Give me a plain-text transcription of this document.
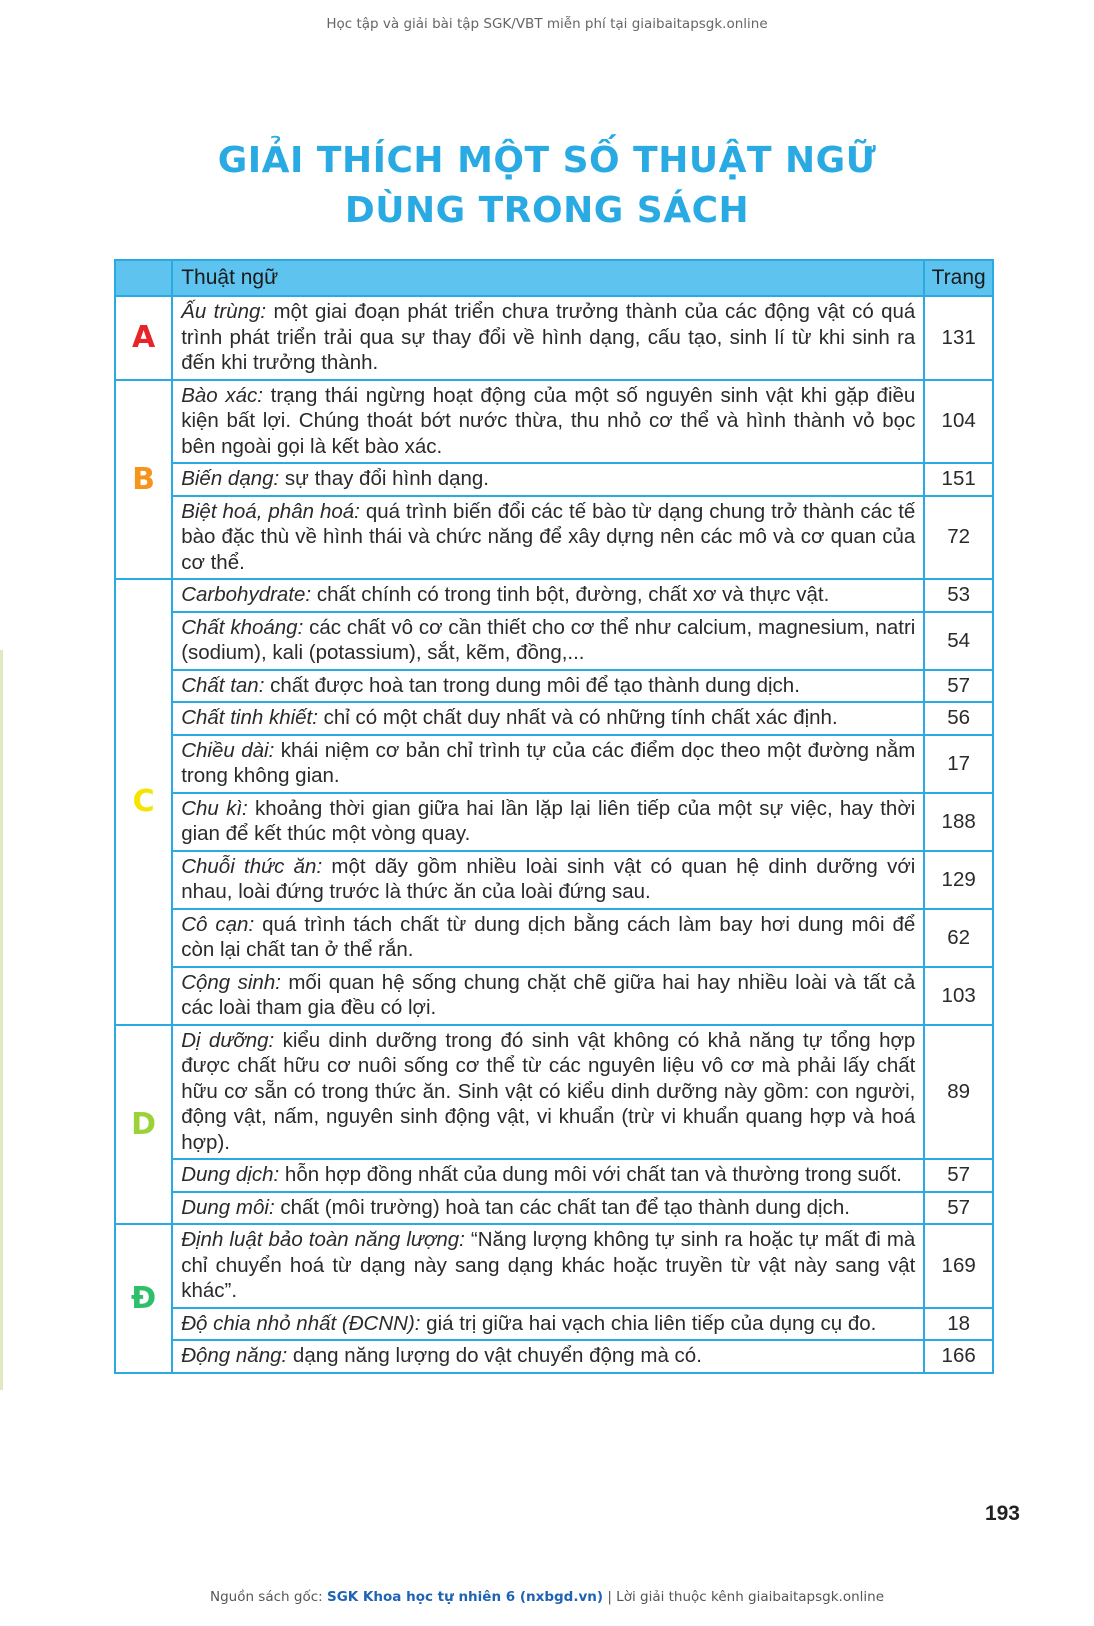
Học tập và giải bài tập SGK/VBT miễn phí tại giaibaitapsgk.online
GIẢI THÍCH MỘT SỐ THUẬT NGỮ
DÙNG TRONG SÁCH
	Thuật ngữ	Trang
A	Ấu trùng: một giai đoạn phát triển chưa trưởng thành của các động vật có quá trình phát triển trải qua sự thay đổi về hình dạng, cấu tạo, sinh lí từ khi sinh ra đến khi trưởng thành.	131
B	Bào xác: trạng thái ngừng hoạt động của một số nguyên sinh vật khi gặp điều kiện bất lợi. Chúng thoát bớt nước thừa, thu nhỏ cơ thể và hình thành vỏ bọc bên ngoài gọi là kết bào xác.	104
	Biến dạng: sự thay đổi hình dạng.	151
	Biệt hoá, phân hoá: quá trình biến đổi các tế bào từ dạng chung trở thành các tế bào đặc thù về hình thái và chức năng để xây dựng nên các mô và cơ quan của cơ thể.	72
C	Carbohydrate: chất chính có trong tinh bột, đường, chất xơ và thực vật.	53
	Chất khoáng: các chất vô cơ cần thiết cho cơ thể như calcium, magnesium, natri (sodium), kali (potassium), sắt, kẽm, đồng,...	54
	Chất tan: chất được hoà tan trong dung môi để tạo thành dung dịch.	57
	Chất tinh khiết: chỉ có một chất duy nhất và có những tính chất xác định.	56
	Chiều dài: khái niệm cơ bản chỉ trình tự của các điểm dọc theo một đường nằm trong không gian.	17
	Chu kì: khoảng thời gian giữa hai lần lặp lại liên tiếp của một sự việc, hay thời gian để kết thúc một vòng quay.	188
	Chuỗi thức ăn: một dãy gồm nhiều loài sinh vật có quan hệ dinh dưỡng với nhau, loài đứng trước là thức ăn của loài đứng sau.	129
	Cô cạn: quá trình tách chất từ dung dịch bằng cách làm bay hơi dung môi để còn lại chất tan ở thể rắn.	62
	Cộng sinh: mối quan hệ sống chung chặt chẽ giữa hai hay nhiều loài và tất cả các loài tham gia đều có lợi.	103
D	Dị dưỡng: kiểu dinh dưỡng trong đó sinh vật không có khả năng tự tổng hợp được chất hữu cơ nuôi sống cơ thể từ các nguyên liệu vô cơ mà phải lấy chất hữu cơ sẵn có trong thức ăn. Sinh vật có kiểu dinh dưỡng này gồm: con người, động vật, nấm, nguyên sinh động vật, vi khuẩn (trừ vi khuẩn quang hợp và hoá hợp).	89
	Dung dịch: hỗn hợp đồng nhất của dung môi với chất tan và thường trong suốt.	57
	Dung môi: chất (môi trường) hoà tan các chất tan để tạo thành dung dịch.	57
Đ	Định luật bảo toàn năng lượng: “Năng lượng không tự sinh ra hoặc tự mất đi mà chỉ chuyển hoá từ dạng này sang dạng khác hoặc truyền từ vật này sang vật khác”.	169
	Độ chia nhỏ nhất (ĐCNN): giá trị giữa hai vạch chia liên tiếp của dụng cụ đo.	18
	Động năng: dạng năng lượng do vật chuyển động mà có.	166
193
Nguồn sách gốc: SGK Khoa học tự nhiên 6 (nxbgd.vn) | Lời giải thuộc kênh giaibaitapsgk.online
